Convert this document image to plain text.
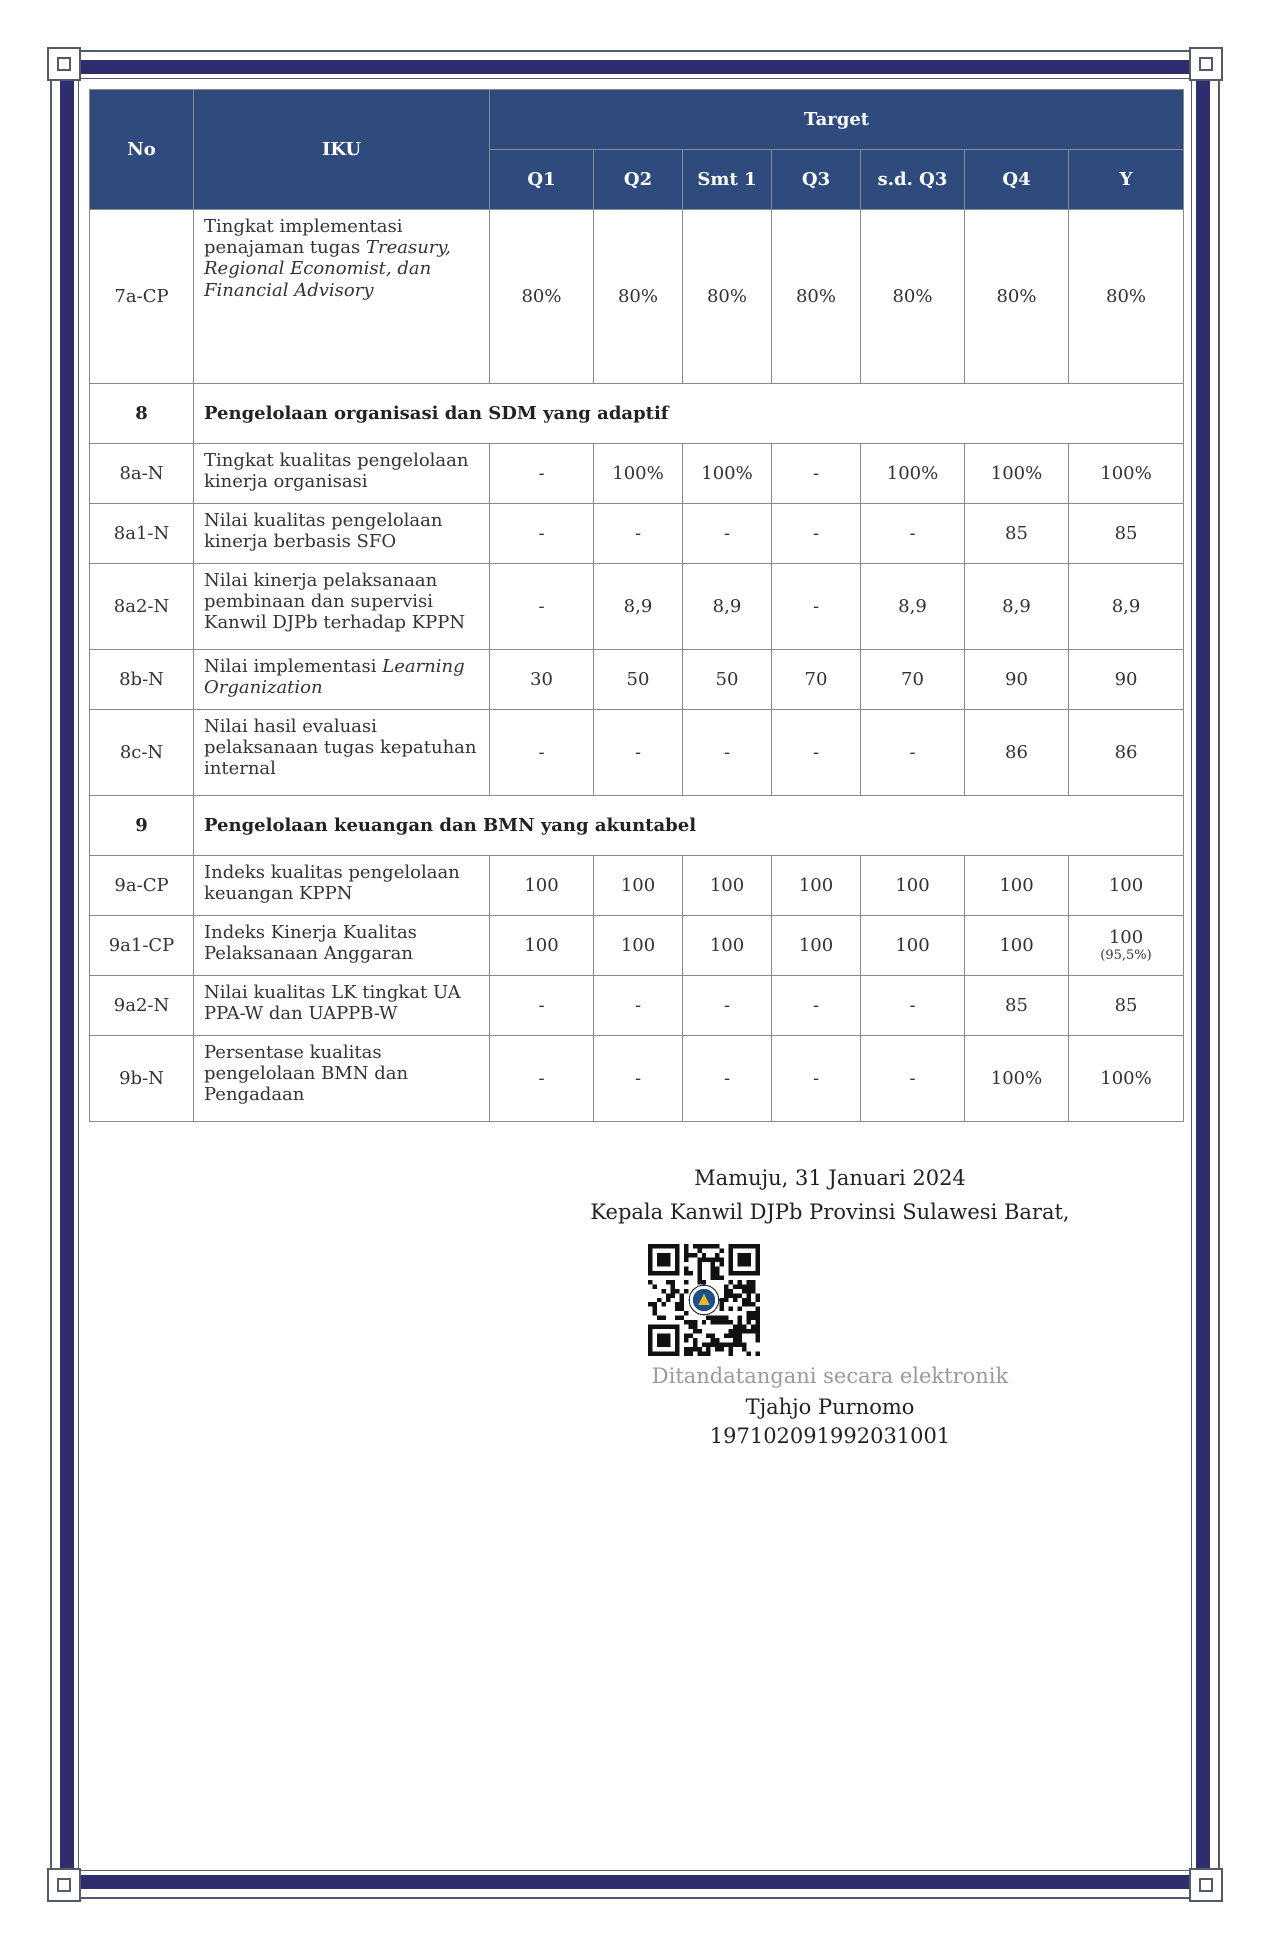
No	IKU	Target						
		Q1	Q2	Smt 1	Q3	s.d. Q3	Q4	Y
7a-CP	Tingkat implementasi penajaman tugas Treasury, Regional Economist, dan Financial Advisory	80%	80%	80%	80%	80%	80%	80%
8	Pengelolaan organisasi dan SDM yang adaptif							
8a-N	Tingkat kualitas pengelolaan kinerja organisasi	-	100%	100%	-	100%	100%	100%
8a1-N	Nilai kualitas pengelolaan kinerja berbasis SFO	-	-	-	-	-	85	85
8a2-N	Nilai kinerja pelaksanaan pembinaan dan supervisi Kanwil DJPb terhadap KPPN	-	8,9	8,9	-	8,9	8,9	8,9
8b-N	Nilai implementasi Learning Organization	30	50	50	70	70	90	90
8c-N	Nilai hasil evaluasi pelaksanaan tugas kepatuhan internal	-	-	-	-	-	86	86
9	Pengelolaan keuangan dan BMN yang akuntabel							
9a-CP	Indeks kualitas pengelolaan keuangan KPPN	100	100	100	100	100	100	100
9a1-CP	Indeks Kinerja Kualitas Pelaksanaan Anggaran	100	100	100	100	100	100	100
(95,5%)

9a2-N	Nilai kualitas LK tingkat UA PPA-W dan UAPPB-W	-	-	-	-	-	85	85
9b-N	Persentase kualitas pengelolaan BMN dan Pengadaan	-	-	-	-	-	100%	100%
Mamuju, 31 Januari 2024
Kepala Kanwil DJPb Provinsi Sulawesi Barat,
Ditandatangani secara elektronik
Tjahjo Purnomo
197102091992031001
